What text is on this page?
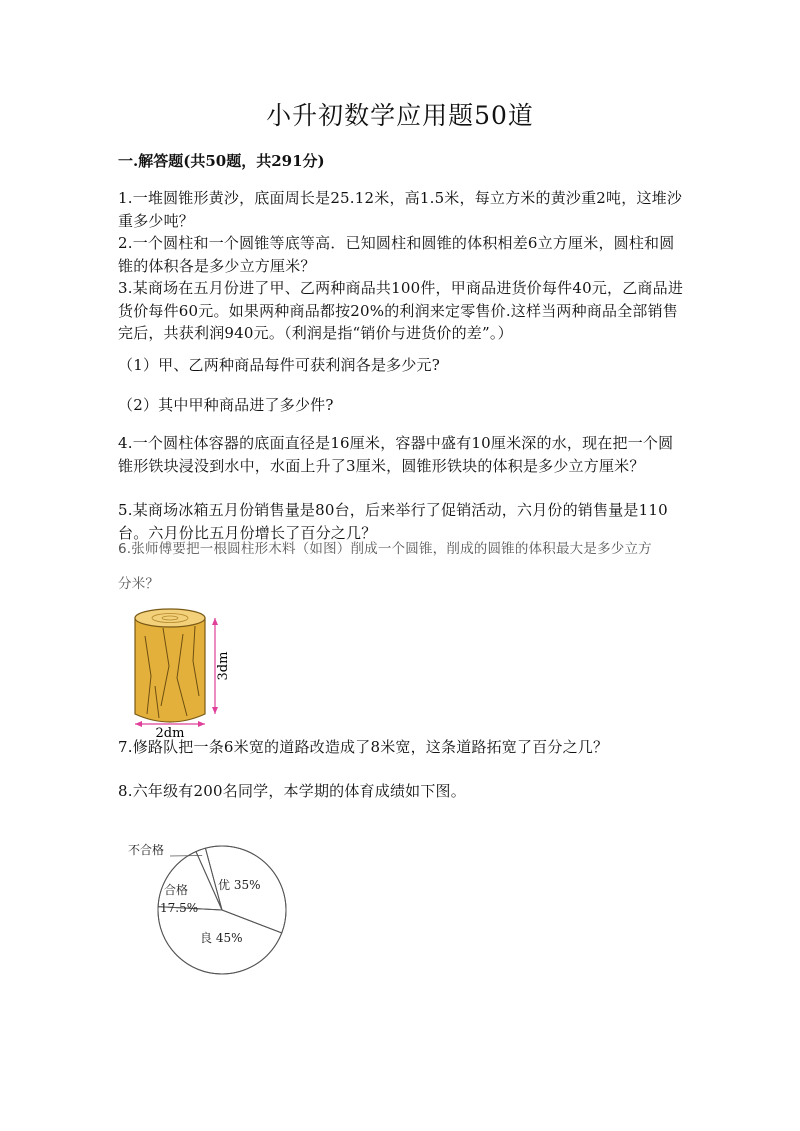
小升初数学应用题50道
一.解答题(共50题，共291分)
1.一堆圆锥形黄沙，底面周长是25.12米，高1.5米，每立方米的黄沙重2吨，这堆沙重多少吨？
2.一个圆柱和一个圆锥等底等高．已知圆柱和圆锥的体积相差6立方厘米，圆柱和圆锥的体积各是多少立方厘米？
3.某商场在五月份进了甲、乙两种商品共100件，甲商品进货价每件40元，乙商品进货价每件60元。如果两种商品都按20%的利润来定零售价.这样当两种商品全部销售完后，共获利润940元。（利润是指“销价与进货价的差”。）
（1）甲、乙两种商品每件可获利润各是多少元?
（2）其中甲种商品进了多少件?
4.一个圆柱体容器的底面直径是16厘米，容器中盛有10厘米深的水，现在把一个圆锥形铁块浸没到水中，水面上升了3厘米，圆锥形铁块的体积是多少立方厘米？
5.某商场冰箱五月份销售量是80台，后来举行了促销活动，六月份的销售量是110台。六月份比五月份增长了百分之几？
6.张师傅要把一根圆柱形木料（如图）削成一个圆锥，削成的圆锥的体积最大是多少立方
分米？
3dm
2dm
7.修路队把一条6米宽的道路改造成了8米宽，这条道路拓宽了百分之几？
8.六年级有200名同学，本学期的体育成绩如下图。
优 35%
良 45%
合格
17.5%
不合格
